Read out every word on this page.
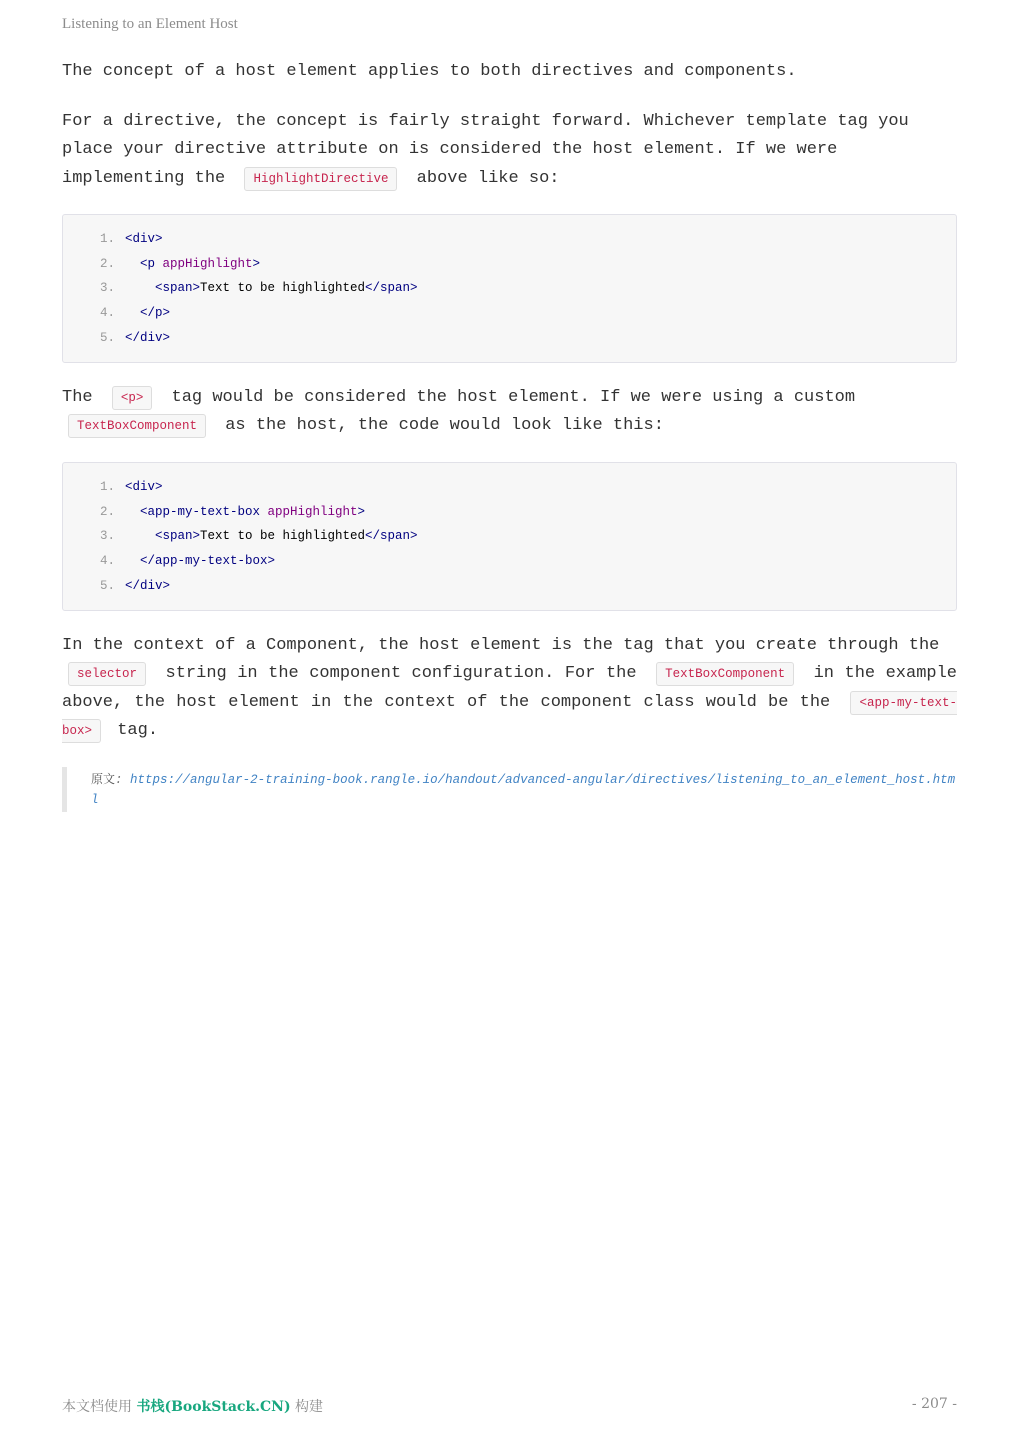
Listening to an Element Host

The concept of a host element applies to both directives and components.

For a directive, the concept is fairly straight forward. Whichever template tag you place your directive attribute on is considered the host element. If we were implementing the HighlightDirective above like so:

1. <div>
2. <p appHighlight >
3. <span> Text to be highlighted </span>
4. </p>
5. </div>

The <p> tag would be considered the host element. If we were using a custom
TextBoxComponent as the host, the code would look like this:

1. <div>
2. <app-my-text-box appHighlight >
3. <span> Text to be highlighted </span>
4. </app-my-text-box>
5. </div>

In the context of a Component, the host element is the tag that you create through the
selector string in the component configuration. For the TextBoxComponent in the example above, the host element in the context of the component class would be the <app-my-text-box> tag.

原文: https://angular-2-training-book.rangle.io/handout/advanced-angular/directives/listening_to_an_element_host.html
本文档使用 书栈(BookStack.CN) 构建	- 207 -
